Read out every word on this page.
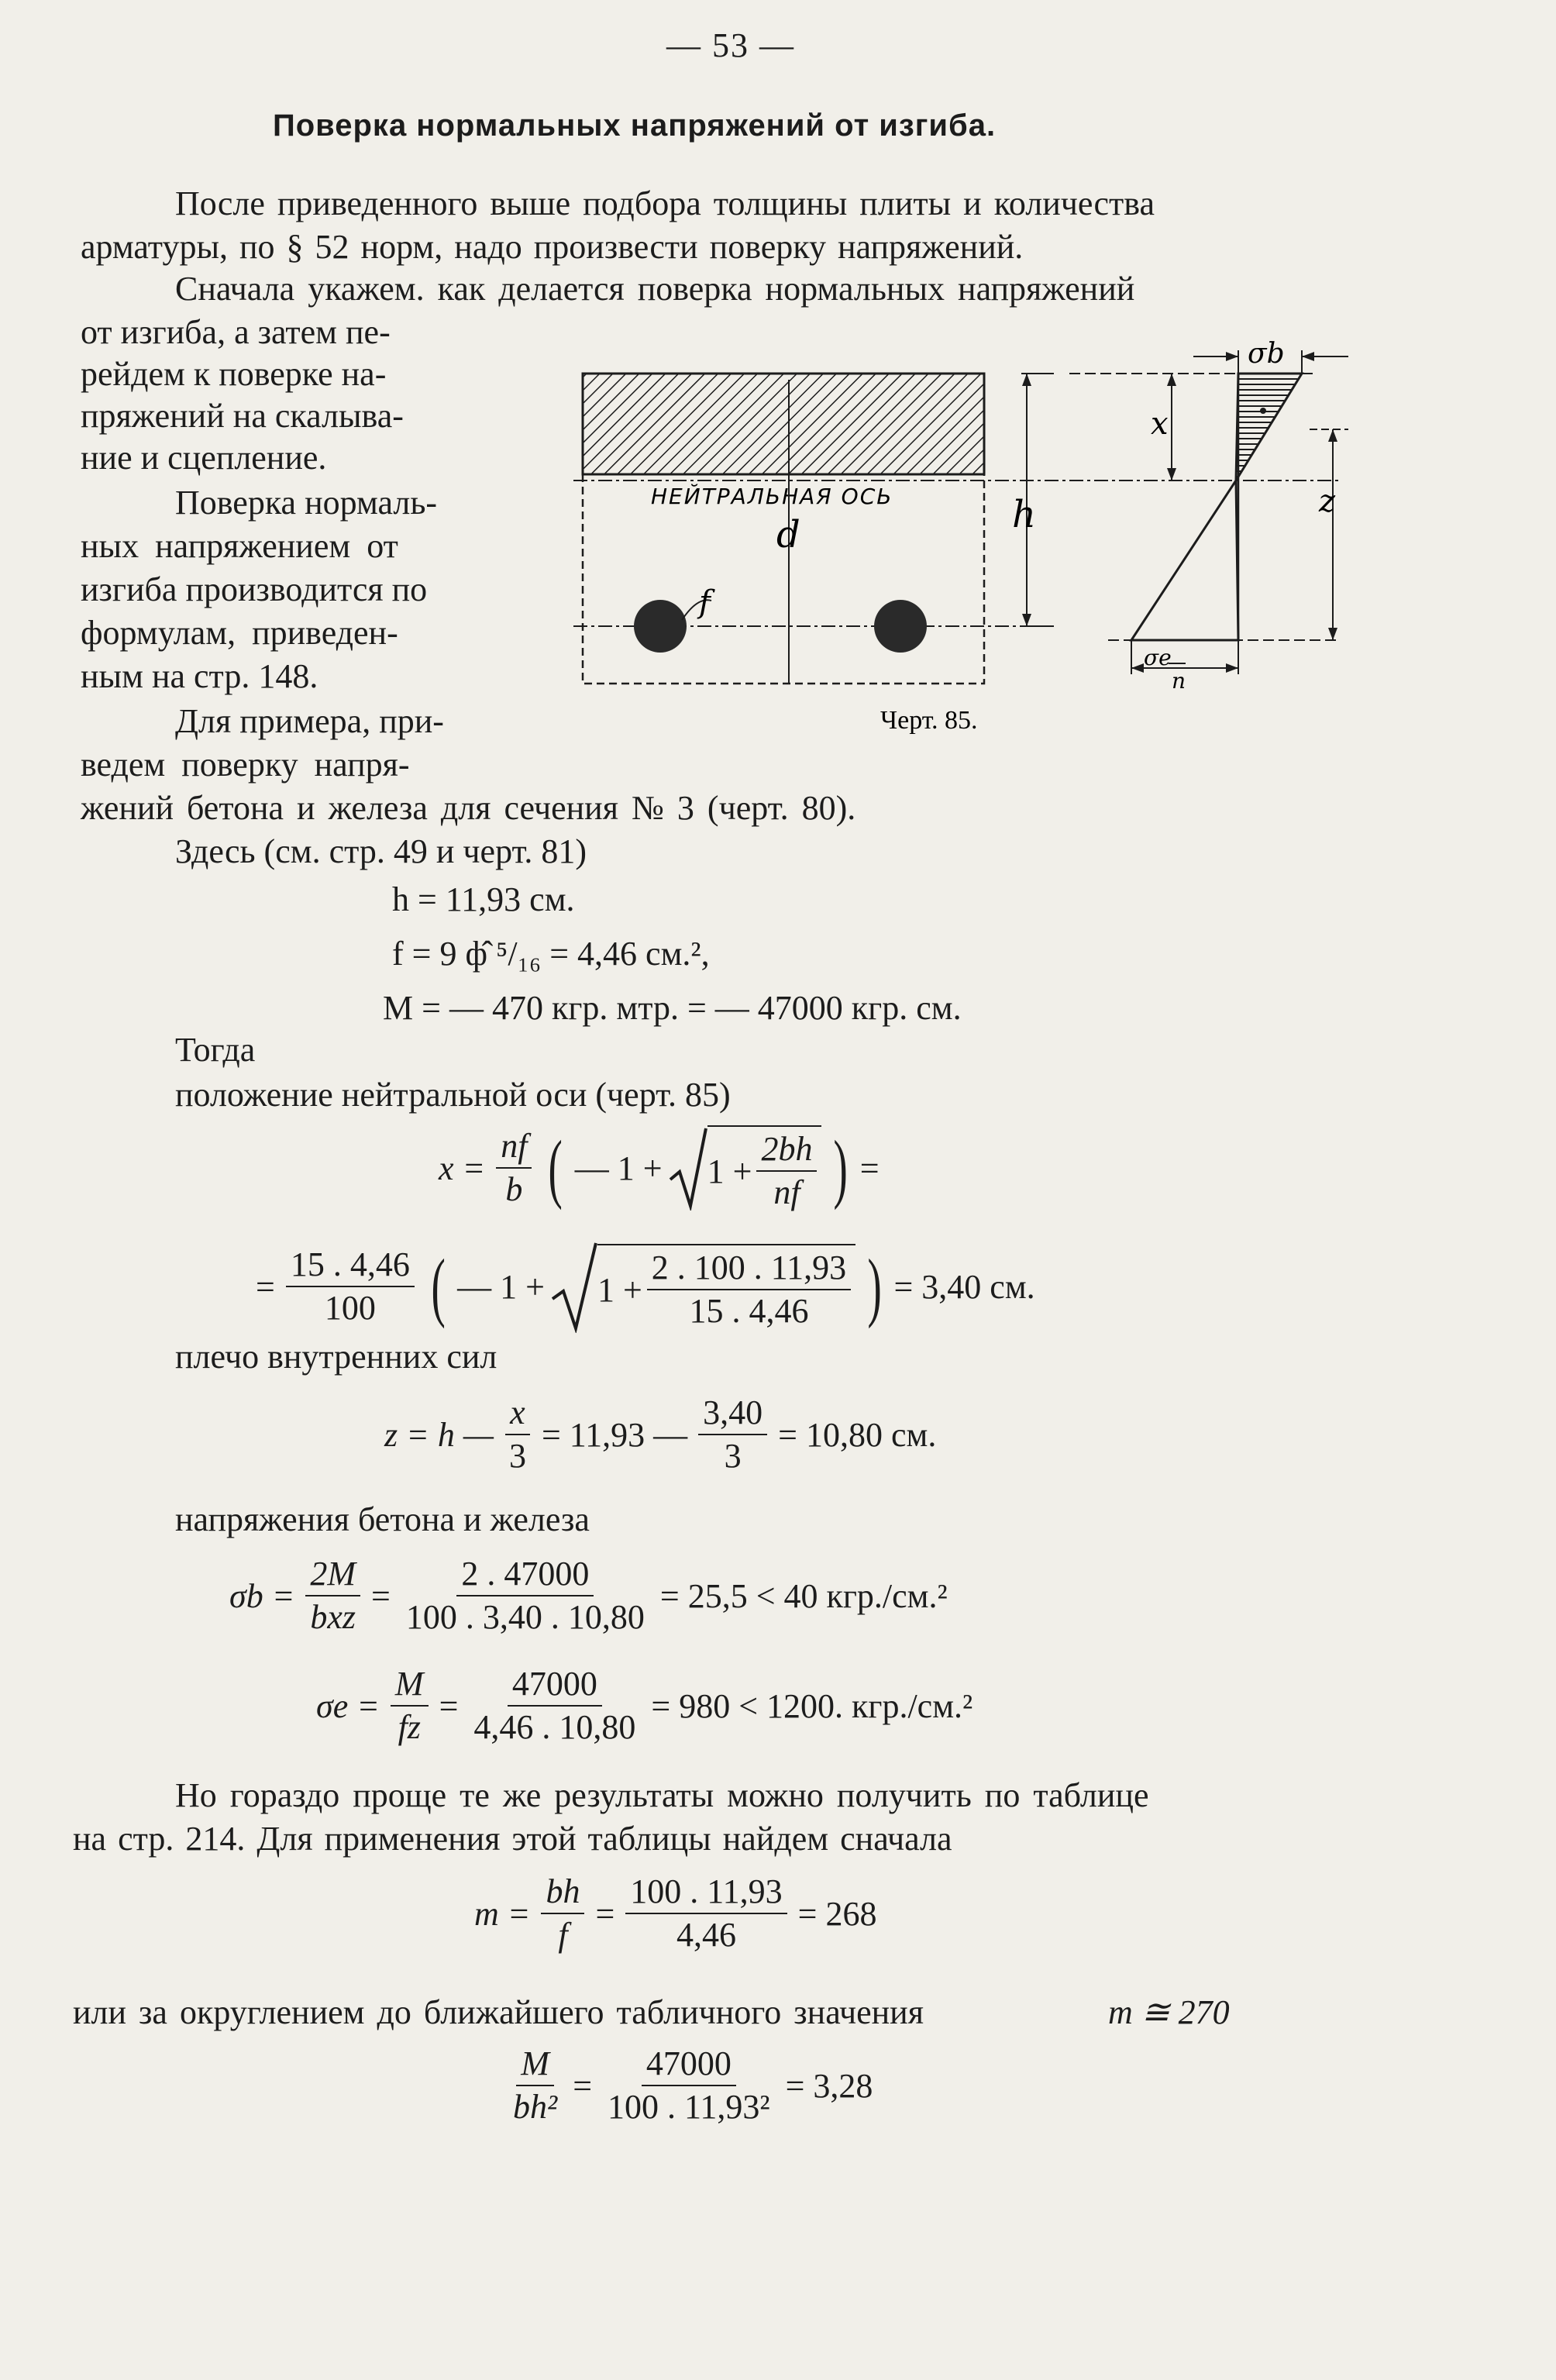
— 53 —
Поверка нормальных напряжений от изгиба.
После приведенного выше подбора толщины плиты и количества
арматуры, по § 52 норм, надо произвести поверку напряжений.
Сначала укажем. как делается поверка нормальных напряжений
от изгиба, а затем пе-
рейдем к поверке на-
пряжений на скалыва-
ние и сцепление.
Поверка нормаль-
ных напряжением от
изгиба производится по
формулам, приведен-
ным на стр. 148.
Для примера, при-
ведем поверку напря-
НЕЙТРАЛЬНАЯ ОСЬ
d
f
h
x
σb
z
σe
n
Черт. 85.
жений бетона и железа для сечения № 3 (черт. 80).
Здесь (см. стр. 49 и черт. 81)
h = 11,93 см.
f = 9 ф̂ ⁵/₁₆ = 4,46 см.²,
M = — 470 кгр. мтр. = — 47000 кгр. см.
Тогда
положение нейтральной оси (черт. 85)
$x = \frac{nf}{b}$ ( — $1 + 1 + \frac{2bh}{nf}$ ) =
= $\frac{15 . 4,46}{100}$ ( — $1 + 1 + \frac{2 . 100 . 11,93}{15 . 4,46}$ ) = 3,40 см.
плечо внутренних сил
z = h — $\frac{x}{3} = 11,93$ — $\frac{3,40}{3} = 10,80$ см.
напряжения бетона и железа
$\sigma b = \frac{2M}{\text{bxz}} = \frac{2 . 47000}{100 . 3,40 . 10,80} = 25,5 < 40$ кгр./см.²
$\sigma e = \frac{M}{fz} = \frac{47000}{4,46 . 10,80} = 980 < 1200$. кгр./см.²
Но гораздо проще те же результаты можно получить по таблице
на стр. 214. Для применения этой таблицы найдем сначала
$m = \frac{bh}{f} = \frac{100 . 11,93}{4,46} = 268$
или за округлением до ближайшего табличного значения	m ≅ 270
$\frac{M}{\text{bh²}} = \frac{47000}{\text{100 . 11,93²}} = 3,28$
